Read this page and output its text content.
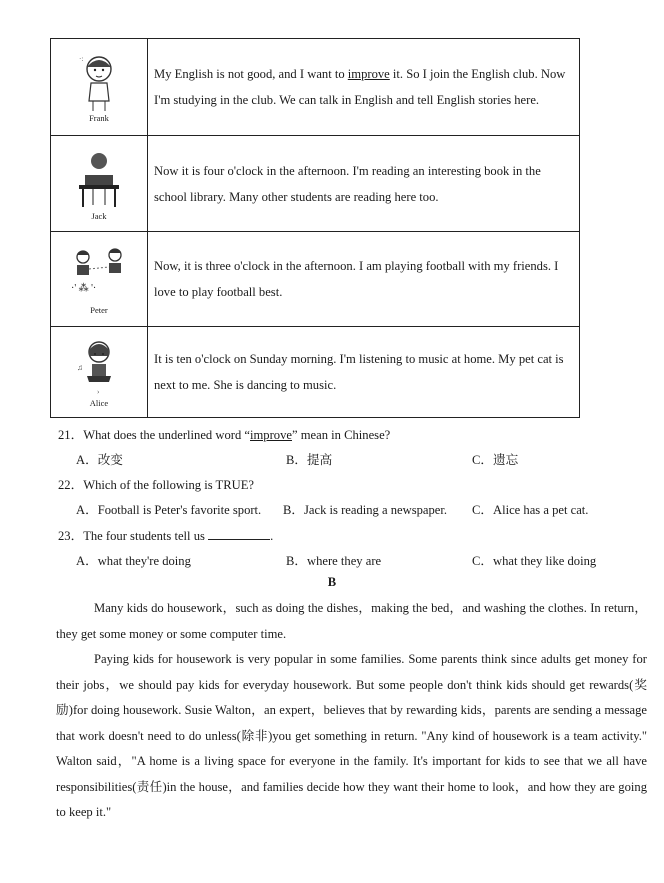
·:
Frank	My English is not good, and I want to improve it. So I join the English club. Now I'm studying in the club. We can talk in English and tell English stories here.

Jack	Now it is four o'clock in the afternoon. I'm reading an interesting book in the school library. Many other students are reading here too.

·' ⁂ '·
Peter	Now, it is three o'clock in the afternoon. I am playing football with my friends. I love to play football best.

♫
›
Alice	It is ten o'clock on Sunday morning. I'm listening to music at home. My pet cat is next to me. She is dancing to music.
21．What does the underlined word “improve” mean in Chinese?
A．改变	B．提高	C．遗忘
22．Which of the following is TRUE?
A．Football is Peter's favorite sport. B．Jack is reading a newspaper. C．Alice has a pet cat.
23．The four students tell us	.
A．what they're doing	B．where they are	C．what they like doing
B
Many kids do housework，such as doing the dishes，making the bed，and washing the clothes. In return，they get some money or some computer time.
Paying kids for housework is very popular in some families. Some parents think since adults get money for their jobs，we should pay kids for everyday housework. But some people don't think kids should get rewards(奖励)for doing housework. Susie Walton，an expert，believes that by rewarding kids，parents are sending a message that work doesn't need to do unless(除非)you get something in return. "Any kind of housework is a team activity." Walton said，"A home is a living space for everyone in the family. It's important for kids to see that we all have responsibilities(责任)in the house，and families decide how they want their home to look，and how they are going to keep it."
